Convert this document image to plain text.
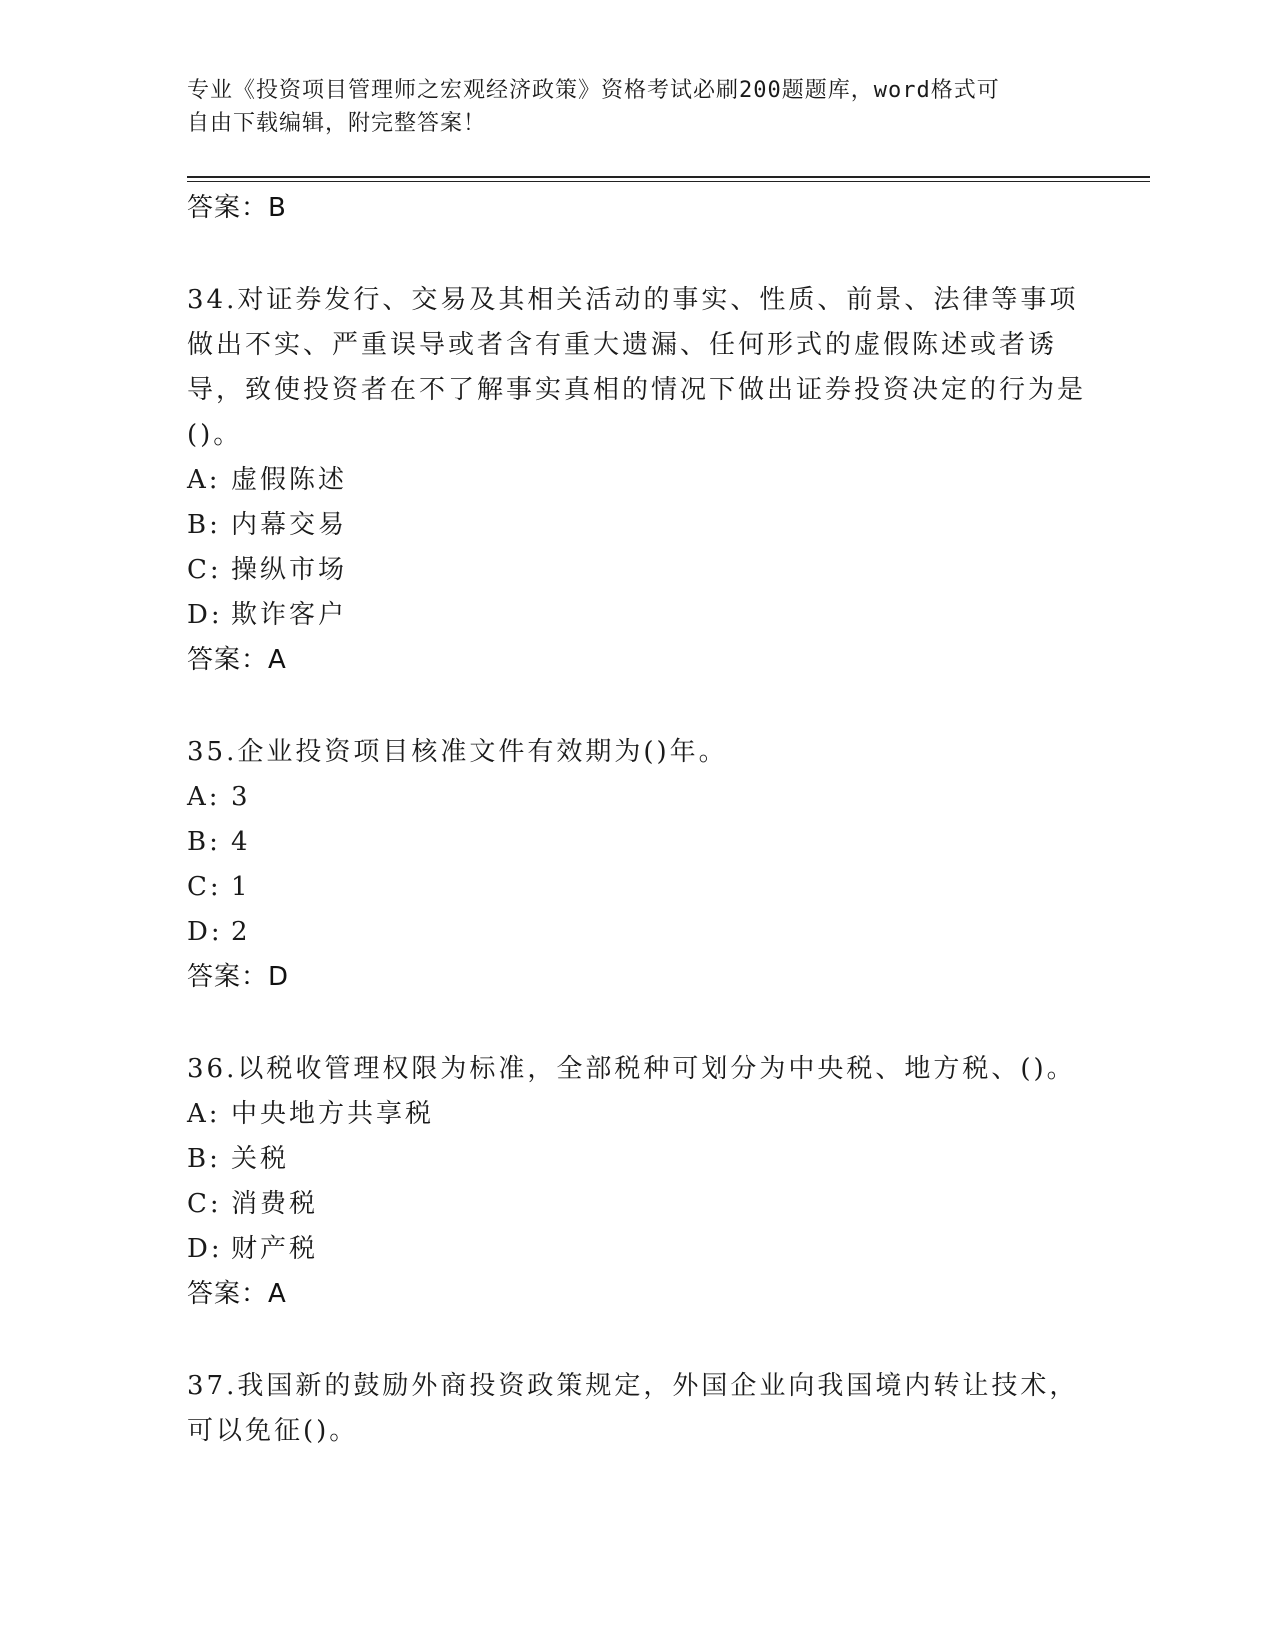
专业《投资项目管理师之宏观经济政策》资格考试必刷200题题库，word格式可
自由下载编辑，附完整答案！

答案：B

34.对证券发行、交易及其相关活动的事实、性质、前景、法律等事项做出不实、严重误导或者含有重大遗漏、任何形式的虚假陈述或者诱导，致使投资者在不了解事实真相的情况下做出证券投资决定的行为是()。

A: 虚假陈述

B: 内幕交易

C: 操纵市场

D: 欺诈客户

答案：A

35.企业投资项目核准文件有效期为()年。

A: 3

B: 4

C: 1

D: 2

答案：D

36.以税收管理权限为标准，全部税种可划分为中央税、地方税、()。

A: 中央地方共享税

B: 关税

C: 消费税

D: 财产税

答案：A

37.我国新的鼓励外商投资政策规定，外国企业向我国境内转让技术，可以免征()。
